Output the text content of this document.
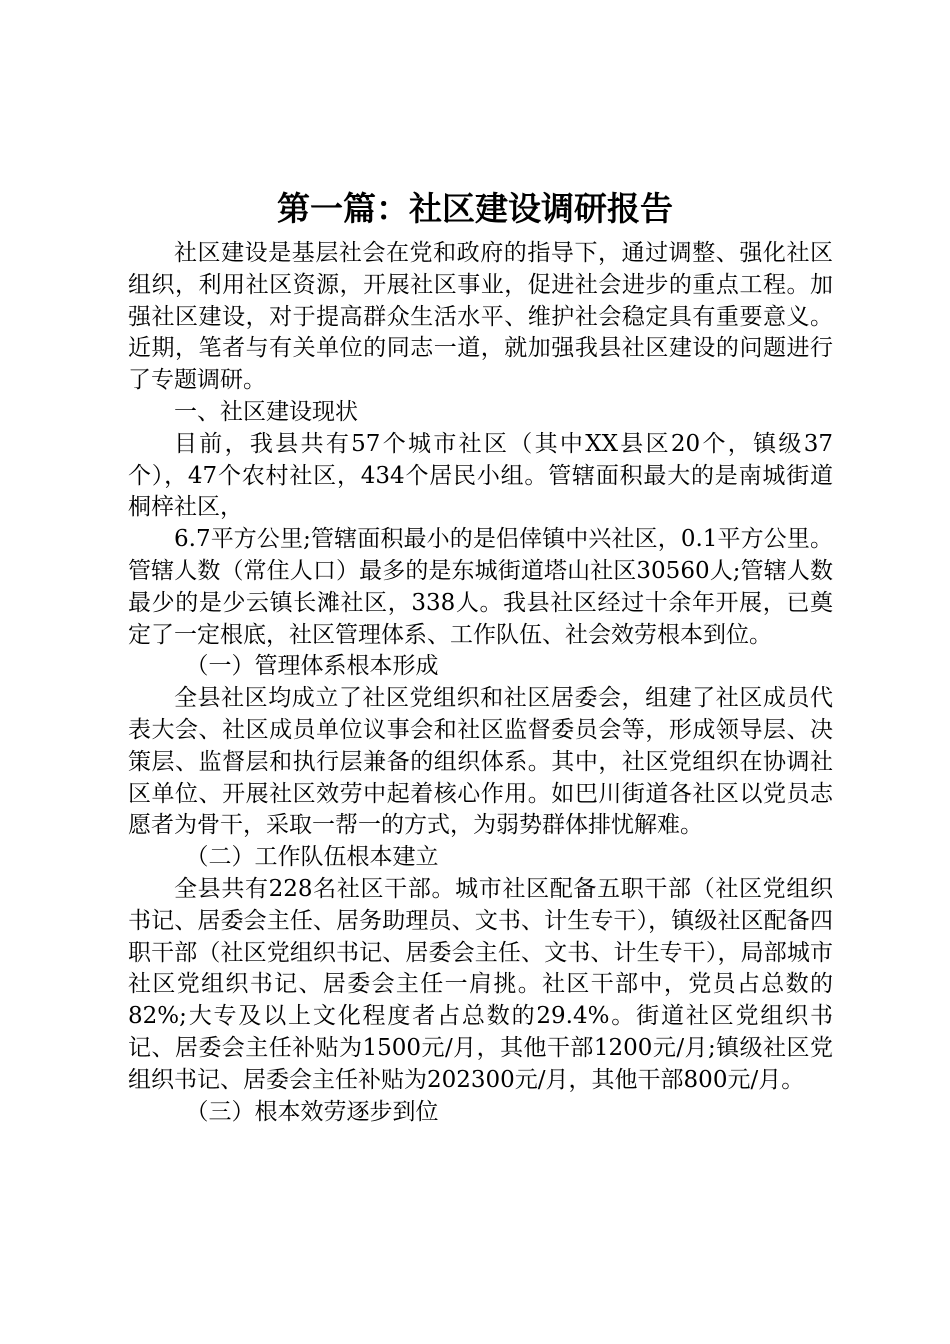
第一篇：社区建设调研报告

社区建设是基层社会在党和政府的指导下，通过调整、强化社区组织，利用社区资源，开展社区事业，促进社会进步的重点工程。加强社区建设，对于提高群众生活水平、维护社会稳定具有重要意义。近期，笔者与有关单位的同志一道，就加强我县社区建设的问题进行了专题调研。

一、社区建设现状

目前，我县共有57个城市社区（其中XX县区20个，镇级37个），47个农村社区，434个居民小组。管辖面积最大的是南城街道桐梓社区，

6.7平方公里;管辖面积最小的是侣倖镇中兴社区，0.1平方公里。管辖人数（常住人口）最多的是东城街道塔山社区30560人;管辖人数最少的是少云镇长滩社区，338人。我县社区经过十余年开展，已奠定了一定根底，社区管理体系、工作队伍、社会效劳根本到位。

（一）管理体系根本形成

全县社区均成立了社区党组织和社区居委会，组建了社区成员代表大会、社区成员单位议事会和社区监督委员会等，形成领导层、决策层、监督层和执行层兼备的组织体系。其中，社区党组织在协调社区单位、开展社区效劳中起着核心作用。如巴川街道各社区以党员志愿者为骨干，采取一帮一的方式，为弱势群体排忧解难。

（二）工作队伍根本建立

全县共有228名社区干部。城市社区配备五职干部（社区党组织书记、居委会主任、居务助理员、文书、计生专干），镇级社区配备四职干部（社区党组织书记、居委会主任、文书、计生专干），局部城市社区党组织书记、居委会主任一肩挑。社区干部中，党员占总数的82%;大专及以上文化程度者占总数的29.4%。街道社区党组织书记、居委会主任补贴为1500元/月，其他干部1200元/月;镇级社区党组织书记、居委会主任补贴为202300元/月，其他干部800元/月。

（三）根本效劳逐步到位
